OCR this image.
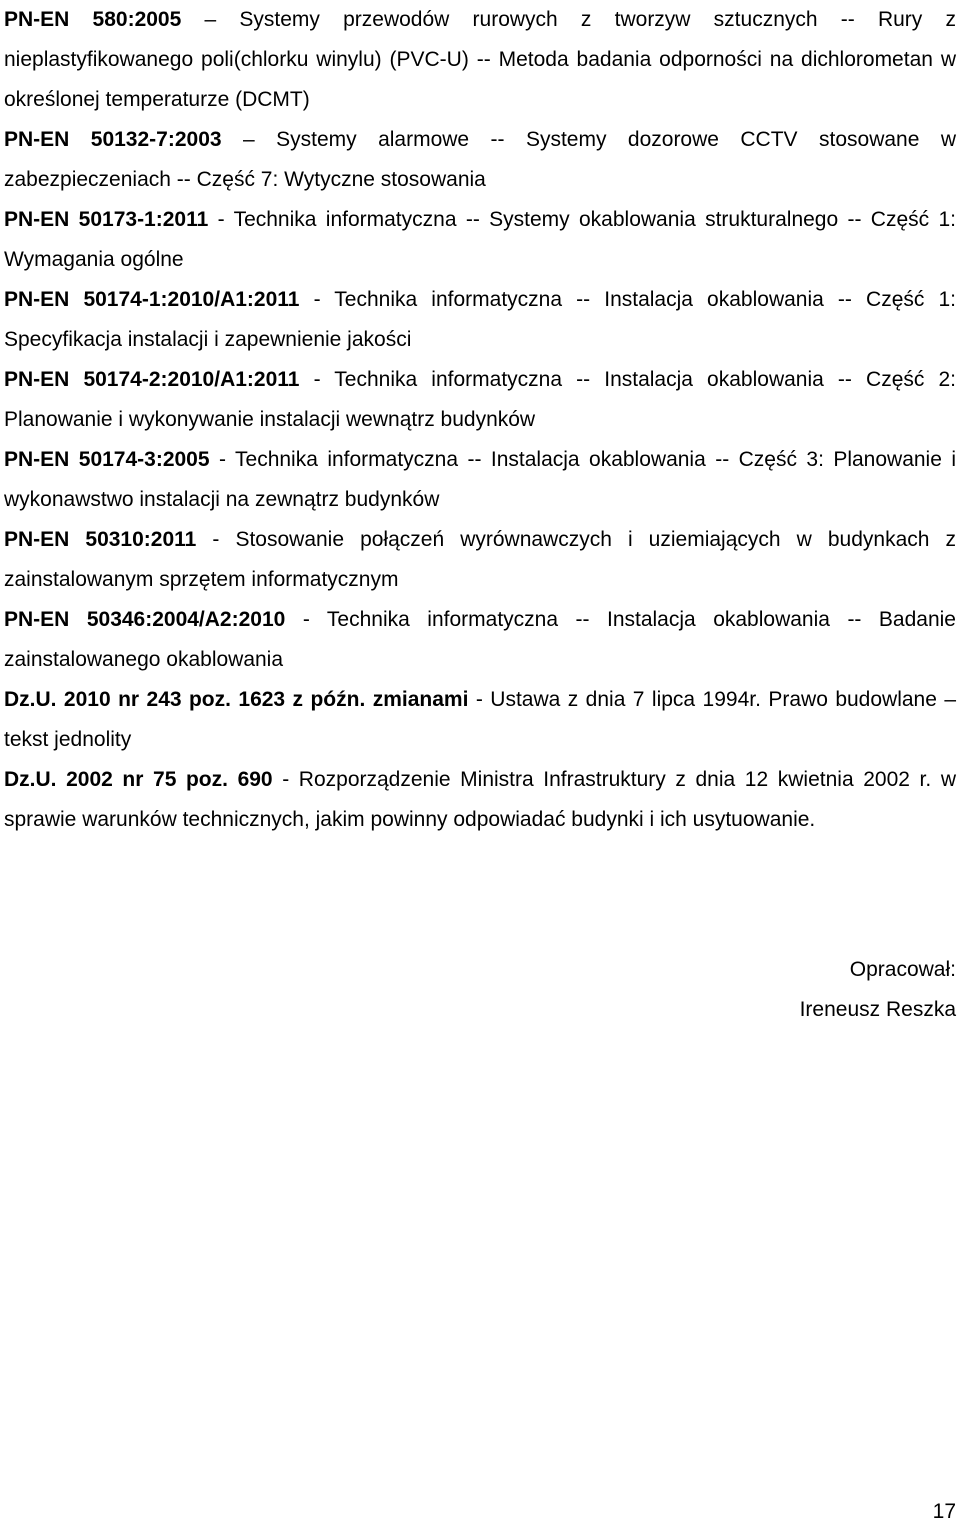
PN-EN 580:2005 – Systemy przewodów rurowych z tworzyw sztucznych -- Rury z nieplastyfikowanego poli(chlorku winylu) (PVC-U) -- Metoda badania odporności na dichlorometan w określonej temperaturze (DCMT)

PN-EN 50132-7:2003 – Systemy alarmowe -- Systemy dozorowe CCTV stosowane w zabezpieczeniach -- Część 7: Wytyczne stosowania

PN-EN 50173-1:2011 - Technika informatyczna -- Systemy okablowania strukturalnego -- Część 1: Wymagania ogólne

PN-EN 50174-1:2010/A1:2011 - Technika informatyczna -- Instalacja okablowania -- Część 1: Specyfikacja instalacji i zapewnienie jakości

PN-EN 50174-2:2010/A1:2011 - Technika informatyczna -- Instalacja okablowania -- Część 2: Planowanie i wykonywanie instalacji wewnątrz budynków

PN-EN 50174-3:2005 - Technika informatyczna -- Instalacja okablowania -- Część 3: Planowanie i wykonawstwo instalacji na zewnątrz budynków

PN-EN 50310:2011 - Stosowanie połączeń wyrównawczych i uziemiających w budynkach z zainstalowanym sprzętem informatycznym

PN-EN 50346:2004/A2:2010 - Technika informatyczna -- Instalacja okablowania -- Badanie zainstalowanego okablowania

Dz.U. 2010 nr 243 poz. 1623 z późn. zmianami - Ustawa z dnia 7 lipca 1994r. Prawo budowlane – tekst jednolity

Dz.U. 2002 nr 75 poz. 690 - Rozporządzenie Ministra Infrastruktury z dnia 12 kwietnia 2002 r. w sprawie warunków technicznych, jakim powinny odpowiadać budynki i ich usytuowanie.

Opracował:
Ireneusz Reszka
17
